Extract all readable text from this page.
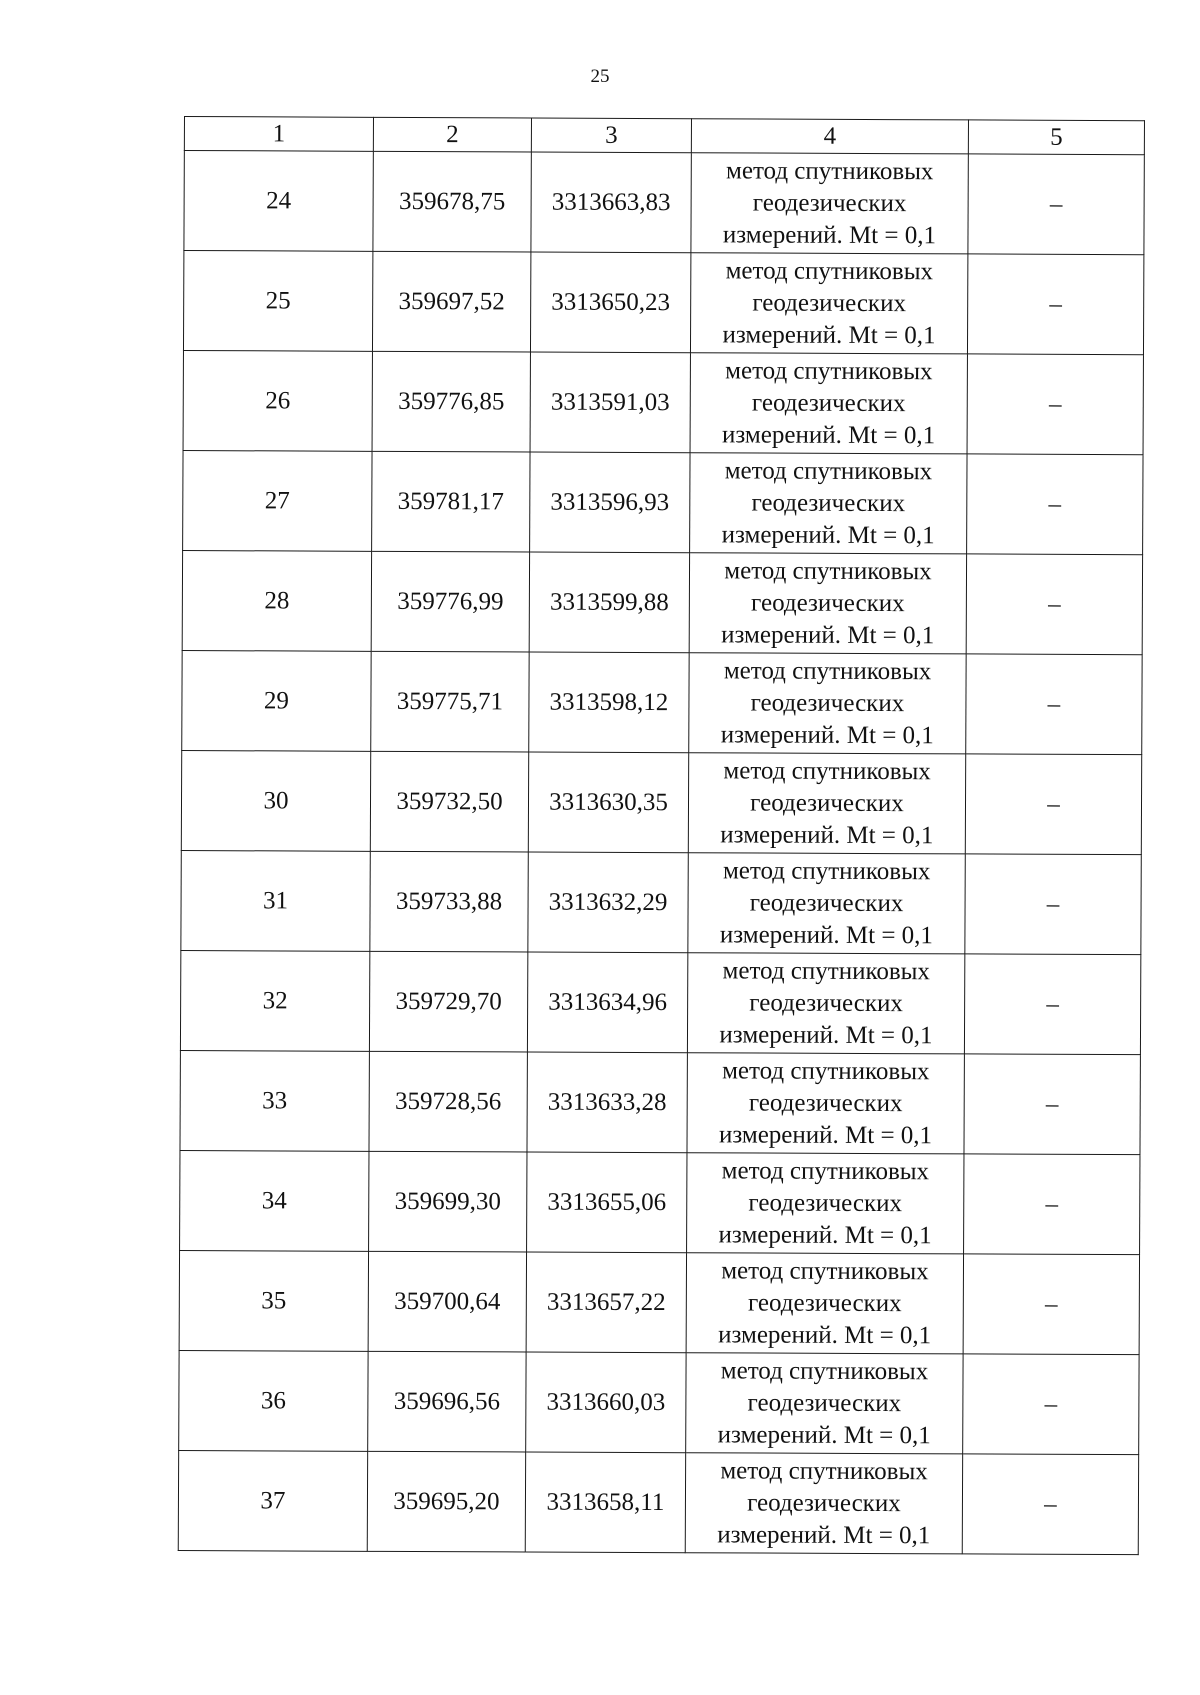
25
1	2	3	4	5
24	359678,75	3313663,83	метод спутниковых
геодезических
измерений. Mt = 0,1	–
25	359697,52	3313650,23	метод спутниковых
геодезических
измерений. Mt = 0,1	–
26	359776,85	3313591,03	метод спутниковых
геодезических
измерений. Mt = 0,1	–
27	359781,17	3313596,93	метод спутниковых
геодезических
измерений. Mt = 0,1	–
28	359776,99	3313599,88	метод спутниковых
геодезических
измерений. Mt = 0,1	–
29	359775,71	3313598,12	метод спутниковых
геодезических
измерений. Mt = 0,1	–
30	359732,50	3313630,35	метод спутниковых
геодезических
измерений. Mt = 0,1	–
31	359733,88	3313632,29	метод спутниковых
геодезических
измерений. Mt = 0,1	–
32	359729,70	3313634,96	метод спутниковых
геодезических
измерений. Mt = 0,1	–
33	359728,56	3313633,28	метод спутниковых
геодезических
измерений. Mt = 0,1	–
34	359699,30	3313655,06	метод спутниковых
геодезических
измерений. Mt = 0,1	–
35	359700,64	3313657,22	метод спутниковых
геодезических
измерений. Mt = 0,1	–
36	359696,56	3313660,03	метод спутниковых
геодезических
измерений. Mt = 0,1	–
37	359695,20	3313658,11	метод спутниковых
геодезических
измерений. Mt = 0,1	–
